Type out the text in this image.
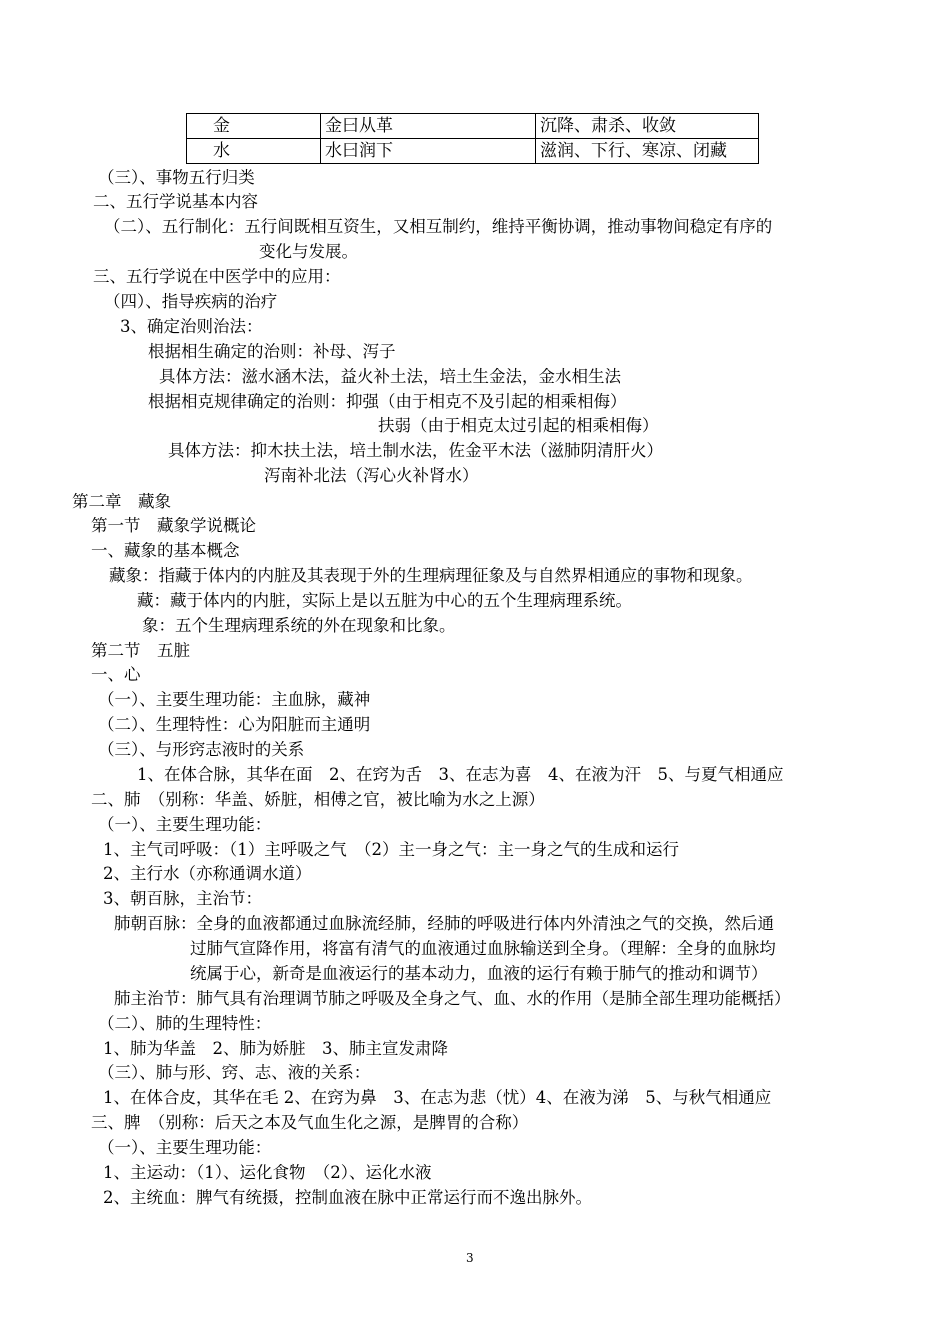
金	金曰从革	沉降、肃杀、收敛
水	水曰润下	滋润、下行、寒凉、闭藏
（三）、事物五行归类
二、五行学说基本内容
（二）、五行制化：五行间既相互资生，又相互制约，维持平衡协调，推动事物间稳定有序的
变化与发展。
三、五行学说在中医学中的应用：
（四）、指导疾病的治疗
3、确定治则治法：
根据相生确定的治则：补母、泻子
具体方法：滋水涵木法，益火补土法，培土生金法，金水相生法
根据相克规律确定的治则：抑强（由于相克不及引起的相乘相侮）
扶弱（由于相克太过引起的相乘相侮）
具体方法：抑木扶土法，培土制水法，佐金平木法（滋肺阴清肝火）
泻南补北法（泻心火补肾水）
第二章　藏象
第一节　藏象学说概论
一、藏象的基本概念
藏象：指藏于体内的内脏及其表现于外的生理病理征象及与自然界相通应的事物和现象。
藏：藏于体内的内脏，实际上是以五脏为中心的五个生理病理系统。
象：五个生理病理系统的外在现象和比象。
第二节　五脏
一、心
（一）、主要生理功能：主血脉，藏神
（二）、生理特性：心为阳脏而主通明
（三）、与形窍志液时的关系
1、在体合脉，其华在面　2、在窍为舌　3、在志为喜　4、在液为汗　5、与夏气相通应
二、肺　（别称：华盖、娇脏，相傅之官，被比喻为水之上源）
（一）、主要生理功能：
1、主气司呼吸：（1）主呼吸之气　（2）主一身之气：主一身之气的生成和运行
2、主行水（亦称通调水道）
3、朝百脉，主治节：
肺朝百脉：全身的血液都通过血脉流经肺，经肺的呼吸进行体内外清浊之气的交换，然后通
过肺气宣降作用，将富有清气的血液通过血脉输送到全身。（理解：全身的血脉均
统属于心，新奇是血液运行的基本动力，血液的运行有赖于肺气的推动和调节）
肺主治节：肺气具有治理调节肺之呼吸及全身之气、血、水的作用（是肺全部生理功能概括）
（二）、肺的生理特性：
1、肺为华盖　2、肺为娇脏　3、肺主宣发肃降
（三）、肺与形、窍、志、液的关系：
1、在体合皮，其华在毛 2、在窍为鼻　3、在志为悲（忧）4、在液为涕　5、与秋气相通应
三、脾　（别称：后天之本及气血生化之源，是脾胃的合称）
（一）、主要生理功能：
1、主运动：（1）、运化食物　（2）、运化水液
2、主统血：脾气有统摄，控制血液在脉中正常运行而不逸出脉外。
3
